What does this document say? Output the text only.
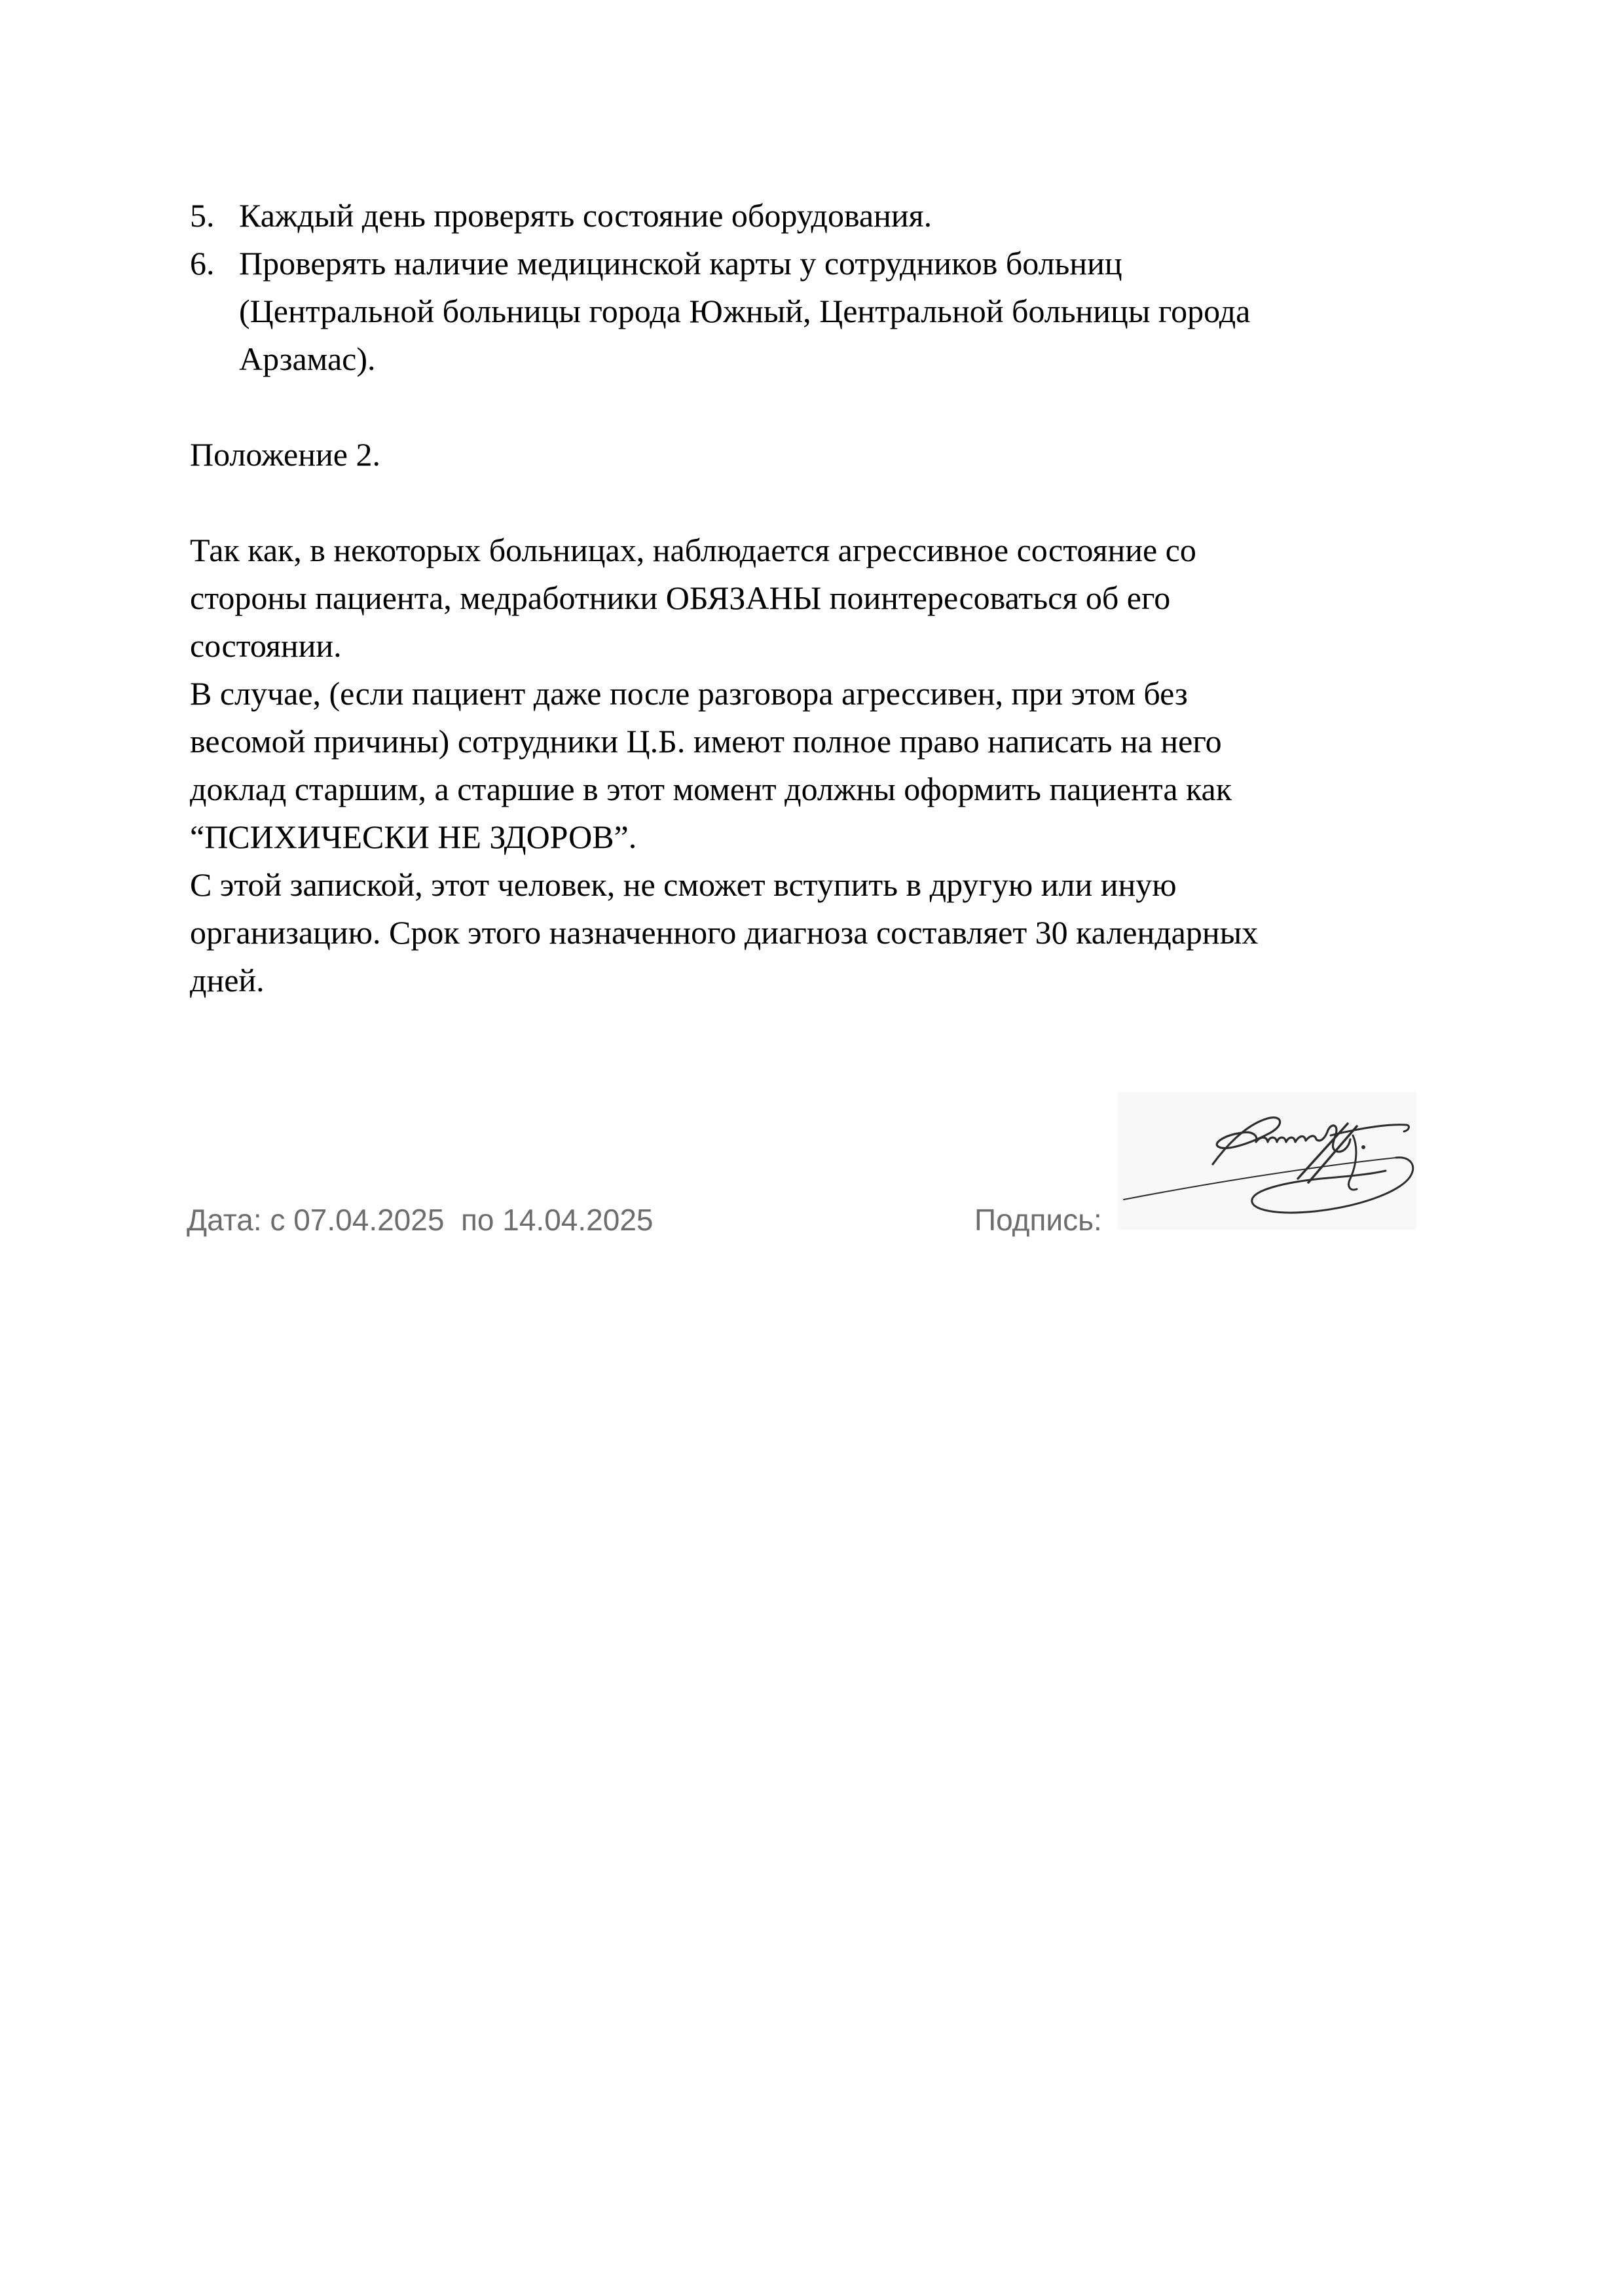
5. Каждый день проверять состояние оборудования.
6. Проверять наличие медицинской карты у сотрудников больниц
(Центральной больницы города Южный, Центральной больницы города
Арзамас).
Положение 2.
Так как, в некоторых больницах, наблюдается агрессивное состояние со
стороны пациента, медработники ОБЯЗАНЫ поинтересоваться об его
состоянии.
В случае, (если пациент даже после разговора агрессивен, при этом без
весомой причины) сотрудники Ц.Б. имеют полное право написать на него
доклад старшим, а старшие в этот момент должны оформить пациента как
“ПСИХИЧЕСКИ НЕ ЗДОРОВ”.
С этой запиской, этот человек, не сможет вступить в другую или иную
организацию. Срок этого назначенного диагноза составляет 30 календарных
дней.
Дата: с 07.04.2025  по 14.04.2025	Подпись:
